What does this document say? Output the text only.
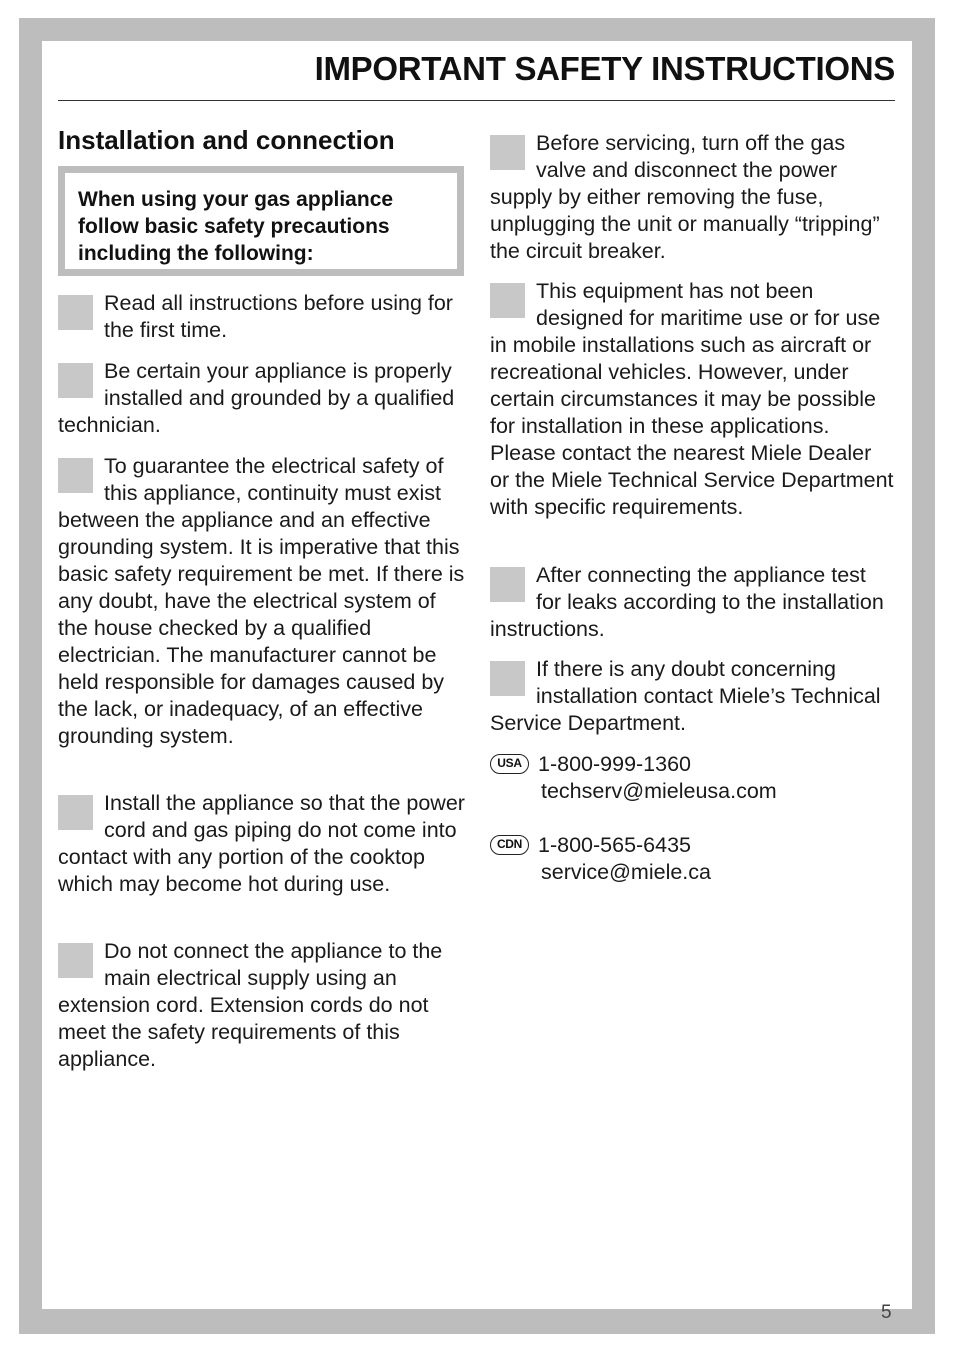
IMPORTANT SAFETY INSTRUCTIONS
Installation and connection
When using your gas appliance follow basic safety precautions including the following:
Read all instructions before using for the first time.
Be certain your appliance is properly installed and grounded by a qualified technician.
To guarantee the electrical safety of this appliance, continuity must exist between the appliance and an effective grounding system. It is imperative that this basic safety requirement be met. If there is any doubt, have the electrical system of the house checked by a qualified electrician. The manufacturer cannot be held responsible for damages caused by the lack, or inadequacy, of an effective grounding system.
Install the appliance so that the power cord and gas piping do not come into contact with any portion of the cooktop which may become hot during use.
Do not connect the appliance to the main electrical supply using an extension cord. Extension cords do not meet the safety requirements of this appliance.
Before servicing, turn off the gas valve and disconnect the power supply by either removing the fuse, unplugging the unit or manually “tripping” the circuit breaker.
This equipment has not been designed for maritime use or for use in mobile installations such as aircraft or recreational vehicles. However, under certain circumstances it may be possible for installation in these applications. Please contact the nearest Miele Dealer or the Miele Technical Service Department with specific requirements.
After connecting the appliance test for leaks according to the installation instructions.
If there is any doubt concerning installation contact Miele’s Technical Service Department.
USA 1-800-999-1360
techserv@mieleusa.com
CDN 1-800-565-6435
service@miele.ca
5
